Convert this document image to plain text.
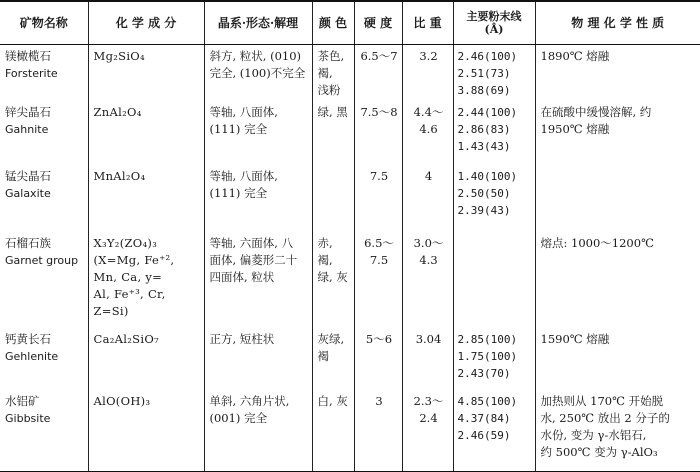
矿物名称	化 学 成 分	晶系·形态·解理	颜 色	硬 度	比 重	主要粉末线
(Å)	物 理 化 学 性 质

镁橄榄石
Forsterite	Mg₂SiO₄	斜方, 粒状, (010)
完全, (100)不完全	茶色,
褐,
浅粉	6.5～7	3.2	2.46(100)
2.51(73)
3.88(69)	1890℃ 熔融

锌尖晶石
Gahnite	ZnAl₂O₄	等轴, 八面体,
(111) 完全	绿, 黑	7.5～8	4.4～4.6	2.44(100)
2.86(83)
1.43(43)	在硫酸中缓慢溶解, 约
1950℃ 熔融

锰尖晶石
Galaxite	MnAl₂O₄	等轴, 八面体,
(111) 完全		7.5	4	1.40(100)
2.50(50)
2.39(43)	

石榴石族
Garnet group	X₃Y₂(ZO₄)₃
(X=Mg, Fe⁺²,
Mn, Ca, y=
Al, Fe⁺³, Cr,
Z=Si)	等轴, 六面体, 八
面体, 偏菱形二十
四面体, 粒状	赤, 褐,
绿, 灰	6.5～7.5	3.0～4.3		熔点: 1000～1200℃

钙黄长石
Gehlenite	Ca₂Al₂SiO₇	正方, 短柱状	灰绿,
褐	5～6	3.04	2.85(100)
1.75(100)
2.43(70)	1590℃ 熔融

水铝矿
Gibbsite	AlO(OH)₃	单斜, 六角片状,
(001) 完全	白, 灰	3	2.3～2.4	4.85(100)
4.37(84)
2.46(59)	加热则从 170℃ 开始脱
水, 250℃ 放出 2 分子的
水份, 变为 γ-水铝石,
约 500℃ 变为 γ-AlO₃
